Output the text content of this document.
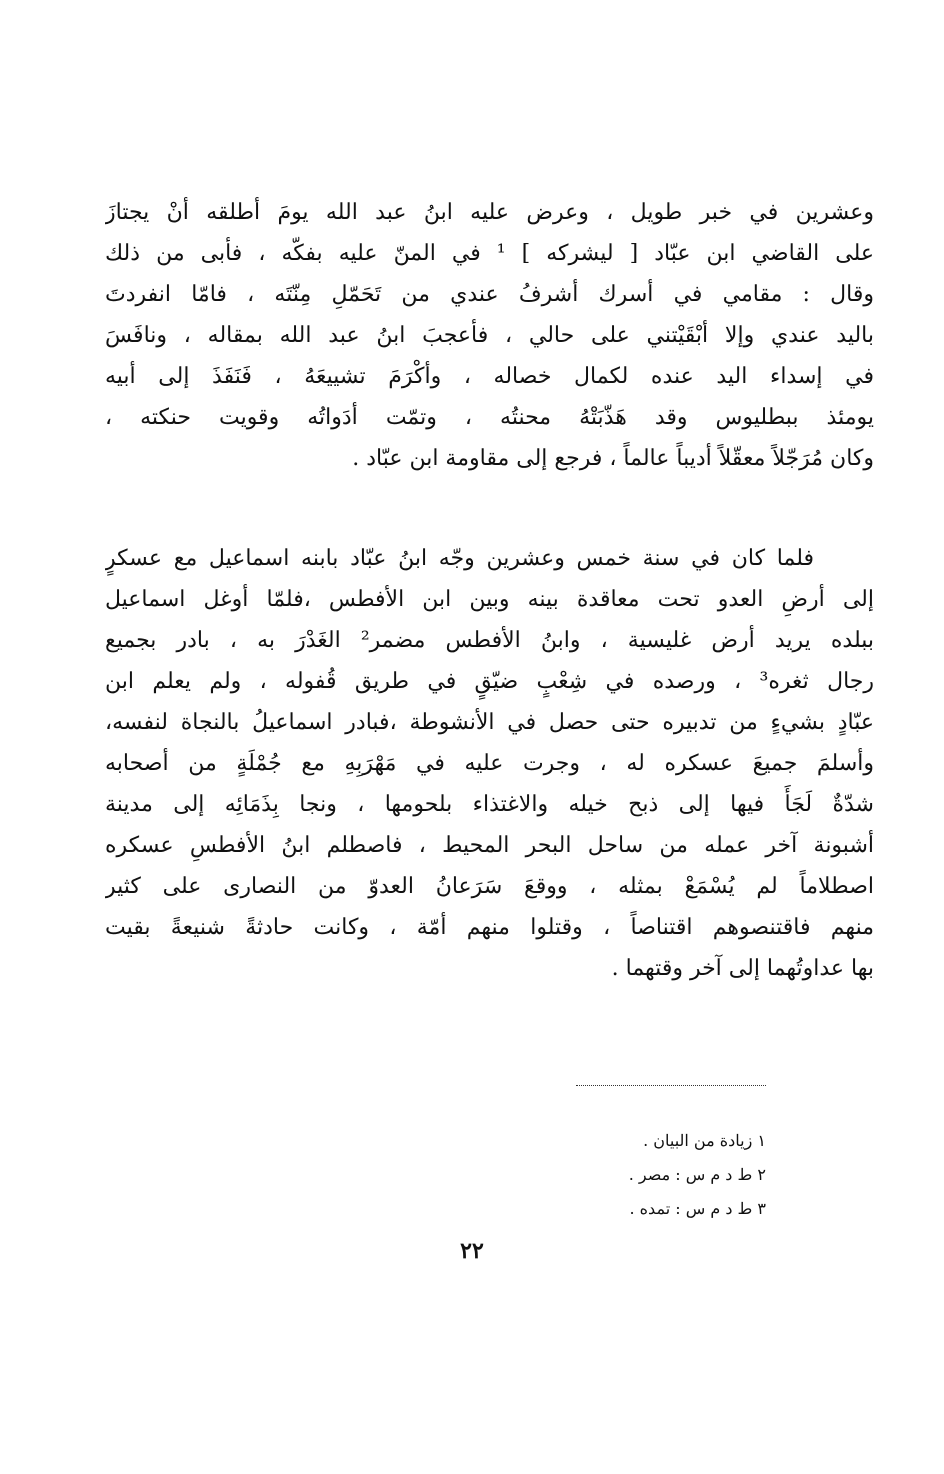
وعشرين في خبر طويل ، وعرض عليه ابنُ عبد الله يومَ أطلقه أنْ يجتازَ
على القاضي ابن عبّاد [ ليشركه ] ¹ في المنّ عليه بفكّه ، فأبى من ذلك
وقال : مقامي في أسرك أشرفُ عندي من تَحَمّلِ مِنّتَه ، فامّا انفردتَ
باليد عندي وإلا أبْقَيْتني على حالي ، فأعجبَ ابنُ عبد الله بمقاله ، ونافَسَ
في إسداء اليد عنده لكمال خصاله ، وأكْرَمَ تشييعَهُ ، فَنَفَذَ إلى أبيه
يومئذ ببطليوس وقد هَذّبَتْهُ محنتُه ، وتمّت أدَواتُه وقويت حنكته ،
وكان مُرَجّلاً معقّلاً أديباً عالماً ، فرجع إلى مقاومة ابن عبّاد .
فلما كان في سنة خمس وعشرين وجّه ابنُ عبّاد بابنه اسماعيل مع عسكرٍ
إلى أرضِ العدو تحت معاقدة بينه وبين ابن الأفطس ،فلمّا أوغل اسماعيل
ببلده يريد أرض غليسية ، وابنُ الأفطس مضمر² الغَدْرَ به ، بادر بجميع
رجال ثغره³ ، ورصده في شِعْبٍ ضيّقٍ في طريق قُفوله ، ولم يعلم ابن
عبّادٍ بشيءٍ من تدبيره حتى حصل في الأنشوطة ،فبادر اسماعيلُ بالنجاة لنفسه،
وأسلمَ جميعَ عسكره له ، وجرت عليه في مَهْرَبِهِ مع جُمْلَةٍ من أصحابه
شدّةٌ لَجَأَ فيها إلى ذبح خيله والاغتذاء بلحومها ، ونجا بِذَمَائِه إلى مدينة
أشبونة آخر عمله من ساحل البحر المحيط ، فاصطلم ابنُ الأفطسِ عسكره
اصطلاماً لم يُسْمَعْ بمثله ، ووقعَ سَرَعانُ العدوّ من النصارى على كثير
منهم فاقتنصوهم اقتناصاً ، وقتلوا منهم أمّة ، وكانت حادثةً شنيعةً بقيت
بها عداوتُهما إلى آخر وقتهما .
١ زيادة من البيان .
٢ ط د م س : مصر .
٣ ط د م س : تمده .
٢٢
